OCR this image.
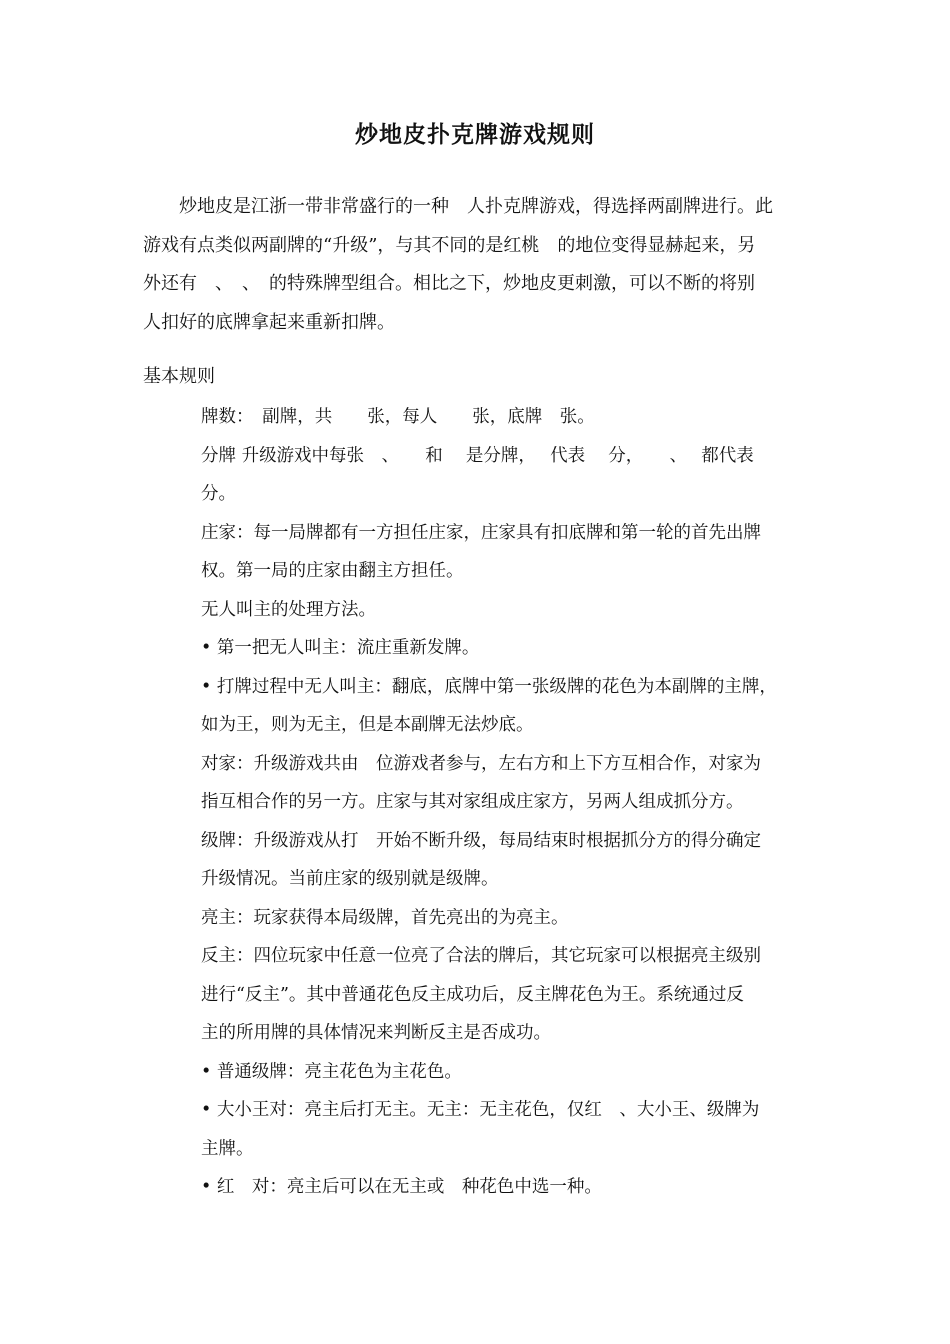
炒地皮扑克牌游戏规则
炒地皮是江浙一带非常盛行的一种　人扑克牌游戏，得选择两副牌进行。此
游戏有点类似两副牌的“升级”，与其不同的是红桃　的地位变得显赫起来，另
外还有　、　、　的特殊牌型组合。相比之下，炒地皮更刺激，可以不断的将别
人扣好的底牌拿起来重新扣牌。
基本规则
牌数：　副牌，共　　张，每人　　张，底牌　张。
分牌 升级游戏中每张　、　　和　 是分牌，　 代表　 分，　　、　 都代表
分。
庄家：每一局牌都有一方担任庄家，庄家具有扣底牌和第一轮的首先出牌
权。第一局的庄家由翻主方担任。
无人叫主的处理方法。
• 第一把无人叫主：流庄重新发牌。
• 打牌过程中无人叫主：翻底，底牌中第一张级牌的花色为本副牌的主牌，
如为王，则为无主，但是本副牌无法炒底。
对家：升级游戏共由　位游戏者参与，左右方和上下方互相合作，对家为
指互相合作的另一方。庄家与其对家组成庄家方，另两人组成抓分方。
级牌：升级游戏从打　开始不断升级，每局结束时根据抓分方的得分确定
升级情况。当前庄家的级别就是级牌。
亮主：玩家获得本局级牌，首先亮出的为亮主。
反主：四位玩家中任意一位亮了合法的牌后，其它玩家可以根据亮主级别
进行“反主”。其中普通花色反主成功后，反主牌花色为王。系统通过反
主的所用牌的具体情况来判断反主是否成功。
• 普通级牌：亮主花色为主花色。
• 大小王对：亮主后打无主。无主：无主花色，仅红　、大小王、级牌为
主牌。
• 红　对：亮主后可以在无主或　种花色中选一种。
